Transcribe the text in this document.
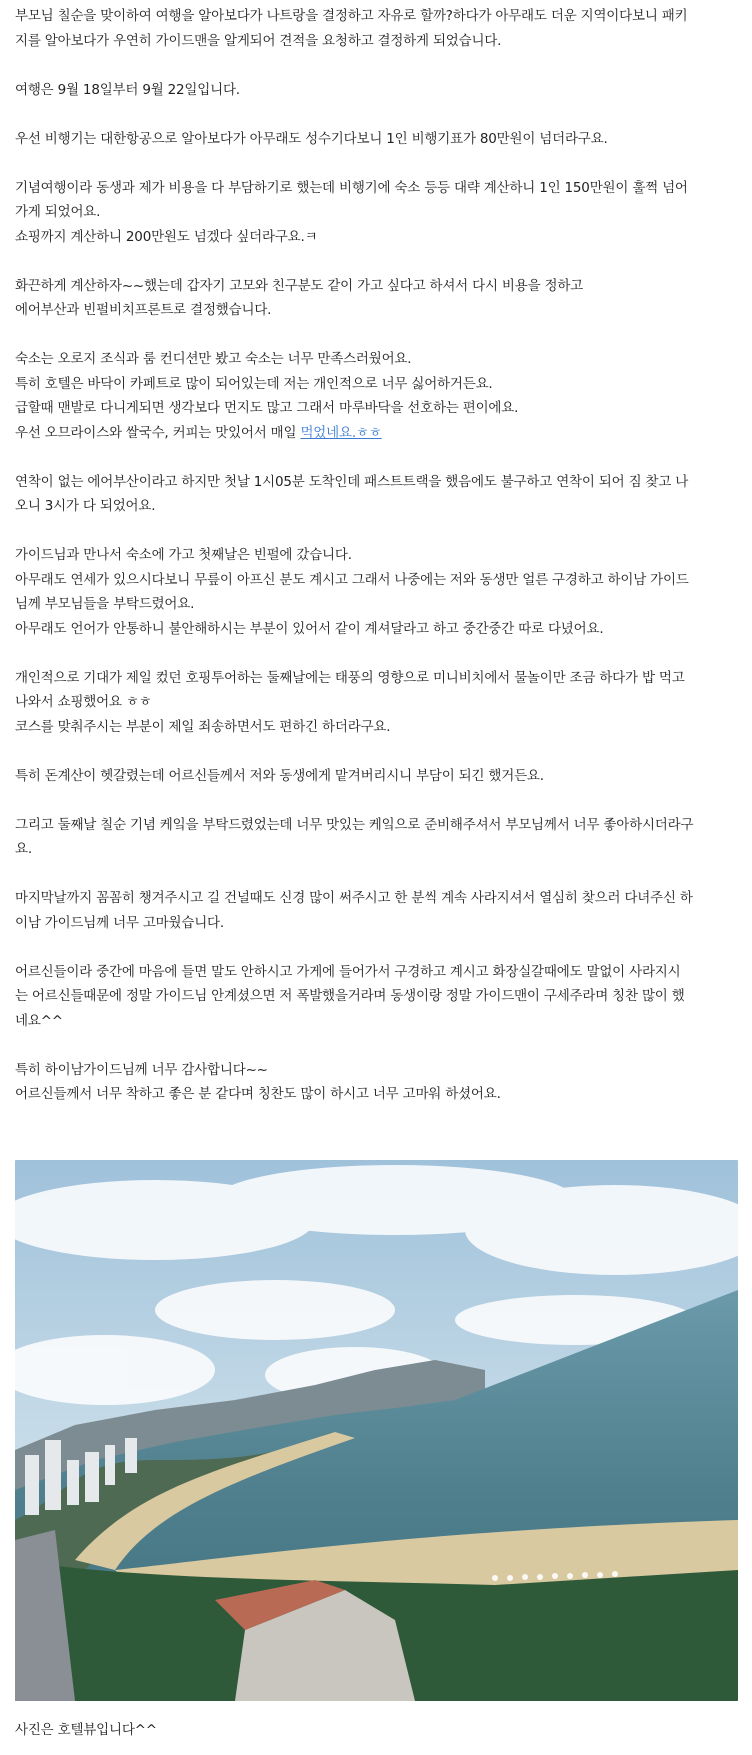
부모님 칠순을 맞이하여 여행을 알아보다가 나트랑을 결정하고 자유로 할까?하다가 아무래도 더운 지역이다보니 패키
지를 알아보다가 우연히 가이드맨을 알게되어 견적을 요청하고 결정하게 되었습니다.

여행은 9월 18일부터 9월 22일입니다.

우선 비행기는 대한항공으로 알아보다가 아무래도 성수기다보니 1인 비행기표가 80만원이 넘더라구요.

기념여행이라 동생과 제가 비용을 다 부담하기로 했는데 비행기에 숙소 등등 대략 계산하니 1인 150만원이 훌쩍 넘어
가게 되었어요.
쇼핑까지 계산하니 200만원도 넘겠다 싶더라구요.ㅋ

화끈하게 계산하자~~했는데 갑자기 고모와 친구분도 같이 가고 싶다고 하셔서 다시 비용을 정하고
에어부산과 빈펄비치프론트로 결정했습니다.

숙소는 오로지 조식과 룸 컨디션만 봤고 숙소는 너무 만족스러웠어요.
특히 호텔은 바닥이 카페트로 많이 되어있는데 저는 개인적으로 너무 싫어하거든요.
급할때 맨발로 다니게되면 생각보다 먼지도 많고 그래서 마루바닥을 선호하는 편이에요.
우선 오므라이스와 쌀국수, 커피는 맛있어서 매일 먹었네요.ㅎㅎ

연착이 없는 에어부산이라고 하지만 첫날 1시05분 도착인데 패스트트랙을 했음에도 불구하고 연착이 되어 짐 찾고 나
오니 3시가 다 되었어요.

가이드님과 만나서 숙소에 가고 첫째날은 빈펄에 갔습니다.
아무래도 연세가 있으시다보니 무릎이 아프신 분도 계시고 그래서 나중에는 저와 동생만 얼른 구경하고 하이남 가이드
님께 부모님들을 부탁드렸어요.
아무래도 언어가 안통하니 불안해하시는 부분이 있어서 같이 계셔달라고 하고 중간중간 따로 다녔어요.

개인적으로 기대가 제일 컸던 호핑투어하는 둘째날에는 태풍의 영향으로 미니비치에서 물놀이만 조금 하다가 밥 먹고
나와서 쇼핑했어요 ㅎㅎ
코스를 맞춰주시는 부분이 제일 죄송하면서도 편하긴 하더라구요.

특히 돈계산이 헷갈렸는데 어르신들께서 저와 동생에게 맡겨버리시니 부담이 되긴 했거든요.

그리고 둘째날 칠순 기념 케잌을 부탁드렸었는데 너무 맛있는 케잌으로 준비해주셔서 부모님께서 너무 좋아하시더라구
요.

마지막날까지 꼼꼼히 챙겨주시고 길 건널때도 신경 많이 써주시고 한 분씩 계속 사라지셔서 열심히 찾으러 다녀주신 하
이남 가이드님께 너무 고마웠습니다.

어르신들이라 중간에 마음에 들면 말도 안하시고 가게에 들어가서 구경하고 계시고 화장실갈때에도 말없이 사라지시
는 어르신들때문에 정말 가이드님 안계셨으면 저 폭발했을거라며 동생이랑 정말 가이드맨이 구세주라며 칭찬 많이 했
네요^^

특히 하이남가이드님께 너무 감사합니다~~
어르신들께서 너무 착하고 좋은 분 같다며 칭찬도 많이 하시고 너무 고마워 하셨어요.

사진은 호텔뷰입니다^^
